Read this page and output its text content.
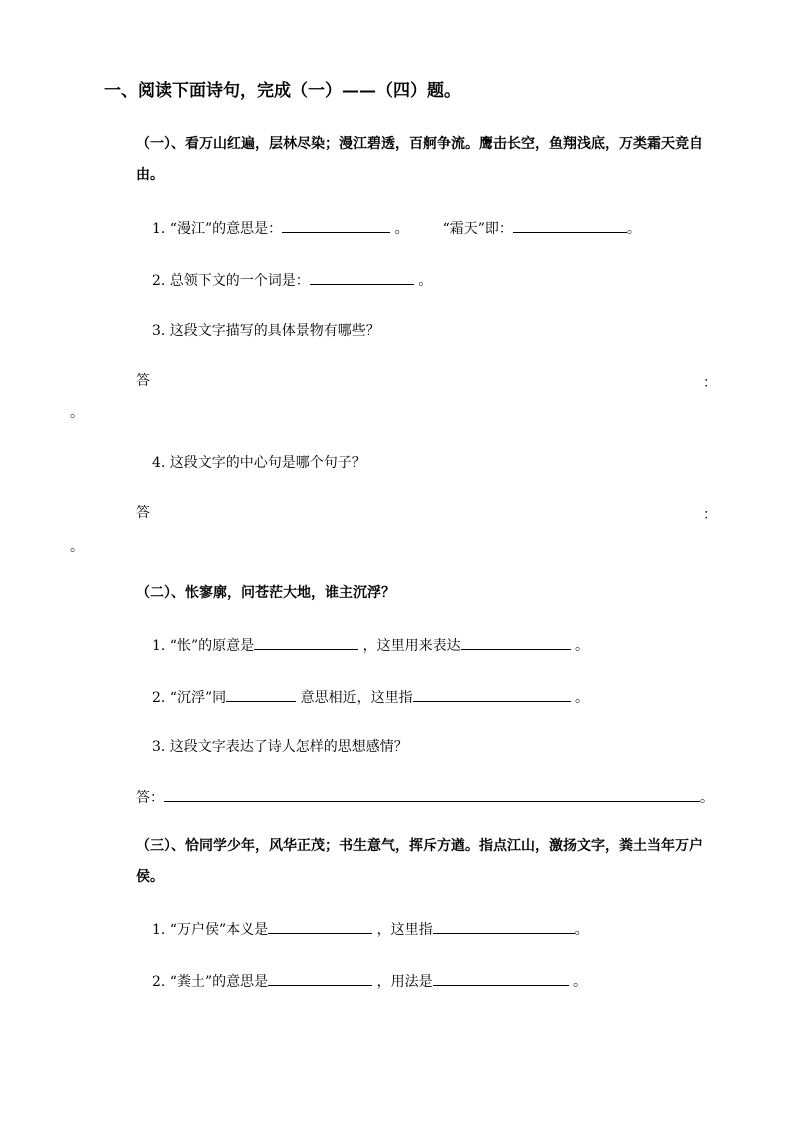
一、阅读下面诗句，完成（一）——（四）题。
（一）、看万山红遍，层林尽染；漫江碧透，百舸争流。鹰击长空，鱼翔浅底，万类霜天竞自由。
1. “漫江”的意思是：	。 “霜天”即：	。
2. 总领下文的一个词是：	。
3. 这段文字描写的具体景物有哪些？
答	：
。
4. 这段文字的中心句是哪个句子？
答	：
。
（二）、怅寥廓，问苍茫大地，谁主沉浮？
1. “怅”的原意是	，这里用来表达	。
2. “沉浮”同	意思相近，这里指	。
3. 这段文字表达了诗人怎样的思想感情？
答：	。
（三）、恰同学少年，风华正茂；书生意气，挥斥方遒。指点江山，激扬文字，粪土当年万户侯。
1. “万户侯”本义是	，这里指	。
2. “粪土”的意思是	，用法是	。
